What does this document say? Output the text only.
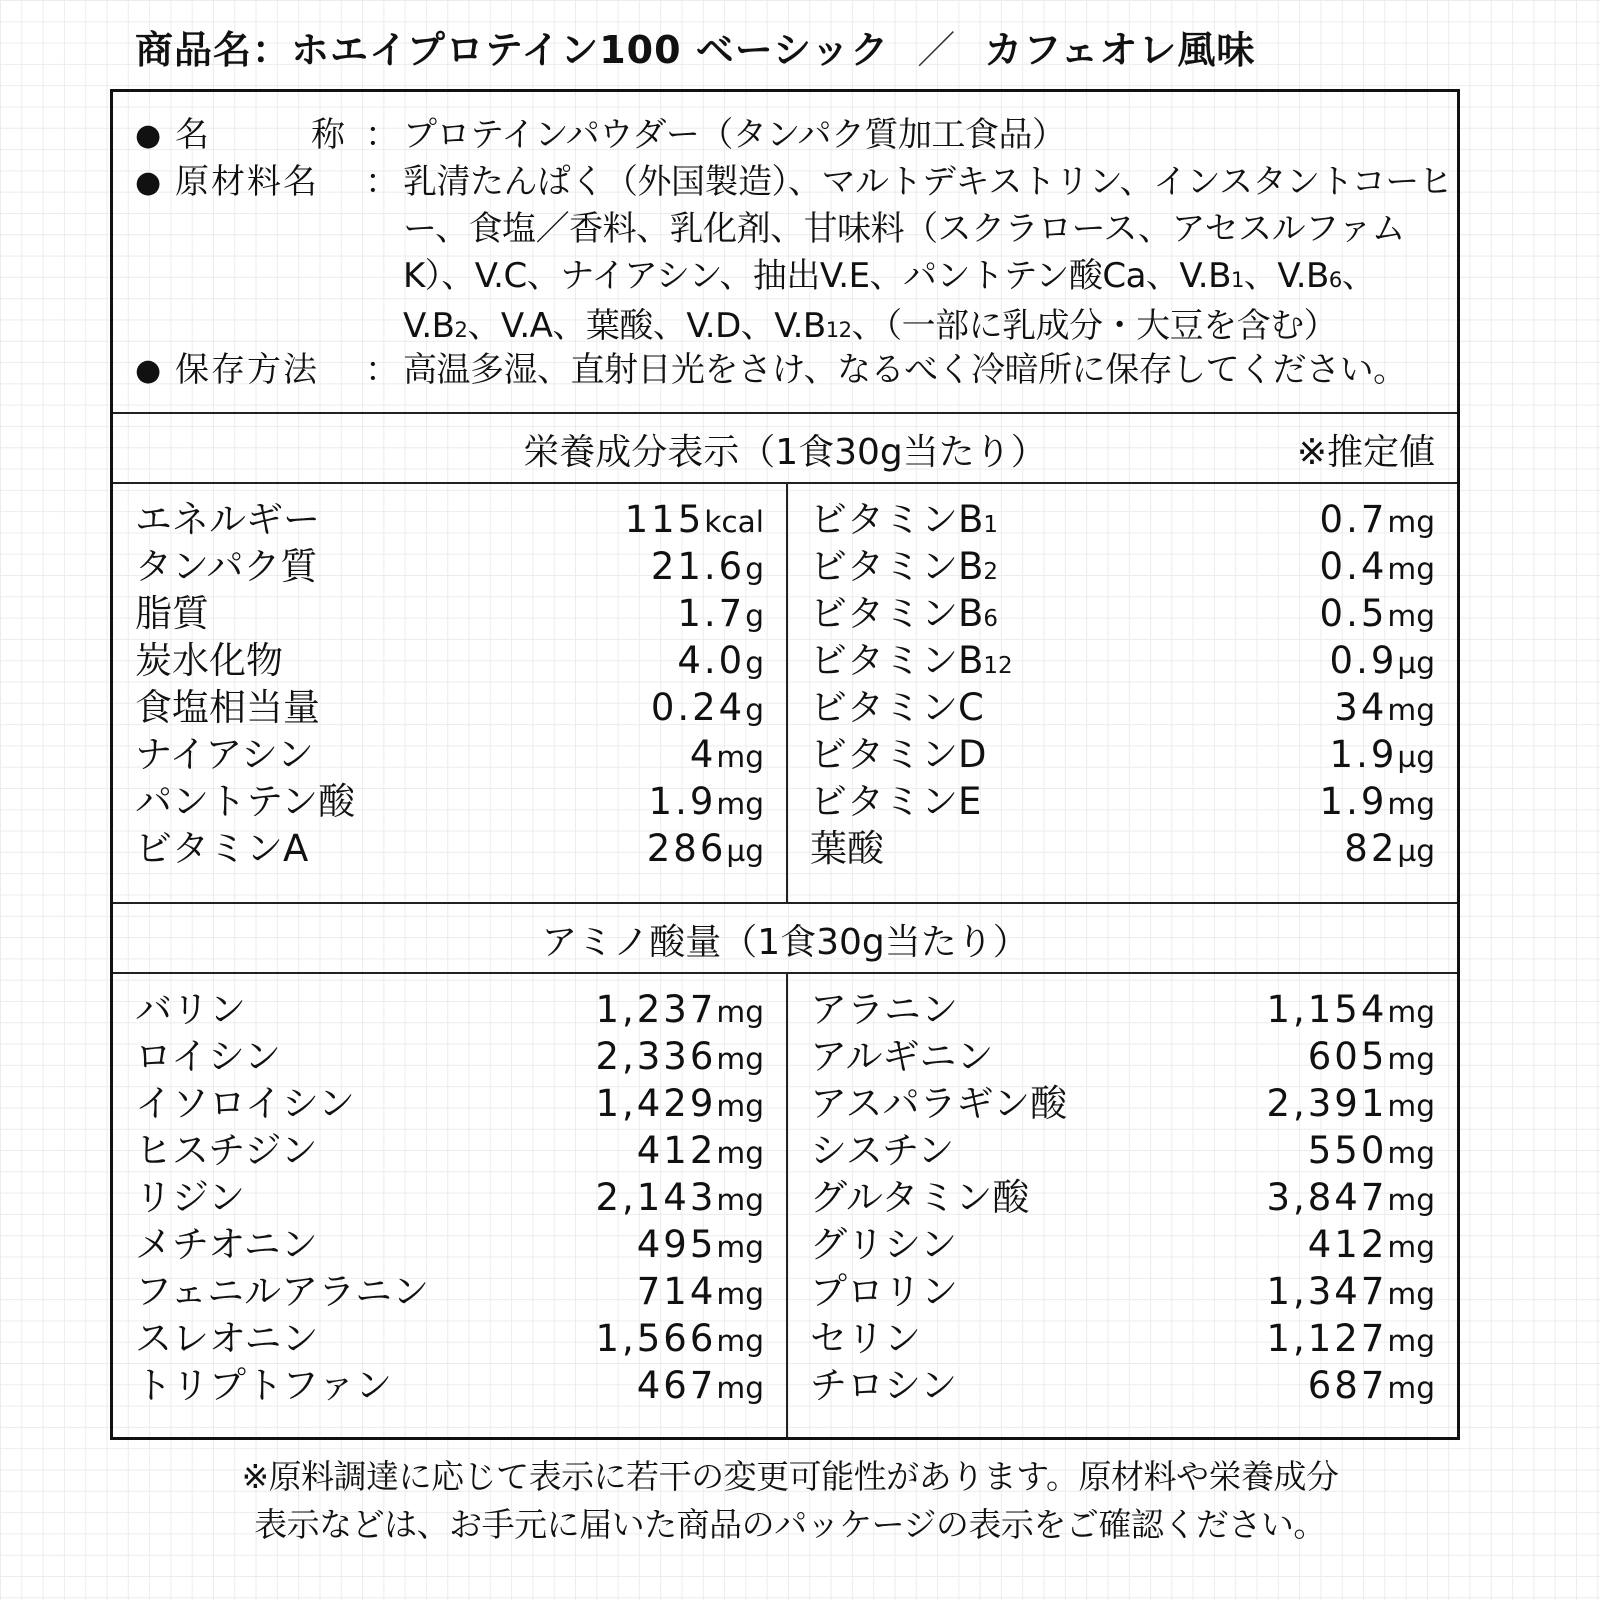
商品名：ホエイプロテイン100 ベーシック ／ カフェオレ風味
● 名	称 ： プロテインパウダー（タンパク質加工食品）
● 原材料名	： 乳清たんぱく（外国製造）、マルトデキストリン、インスタントコーヒー、食塩／香料、乳化剤、甘味料（スクラロース、アセスルファムK）、V.C、ナイアシン、抽出V.E、パントテン酸Ca、V.B1、V.B6、V.B2、V.A、葉酸、V.D、V.B12、（一部に乳成分・大豆を含む）
● 保存方法	： 高温多湿、直射日光をさけ、なるべく冷暗所に保存してください。
栄養成分表示（1食30g当たり）	※推定値
エネルギー	115kcal
タンパク質	21.6g
脂質	1.7g
炭水化物	4.0g
食塩相当量	0.24g
ナイアシン	4mg
パントテン酸	1.9mg
ビタミンA	286µg
ビタミンB1	0.7mg
ビタミンB2	0.4mg
ビタミンB6	0.5mg
ビタミンB12	0.9µg
ビタミンC	34mg
ビタミンD	1.9µg
ビタミンE	1.9mg
葉酸	82µg
アミノ酸量（1食30g当たり）
バリン	1,237mg
ロイシン	2,336mg
イソロイシン	1,429mg
ヒスチジン	412mg
リジン	2,143mg
メチオニン	495mg
フェニルアラニン	714mg
スレオニン	1,566mg
トリプトファン	467mg
アラニン	1,154mg
アルギニン	605mg
アスパラギン酸	2,391mg
シスチン	550mg
グルタミン酸	3,847mg
グリシン	412mg
プロリン	1,347mg
セリン	1,127mg
チロシン	687mg
※原料調達に応じて表示に若干の変更可能性があります。原材料や栄養成分
表示などは、お手元に届いた商品のパッケージの表示をご確認ください。
